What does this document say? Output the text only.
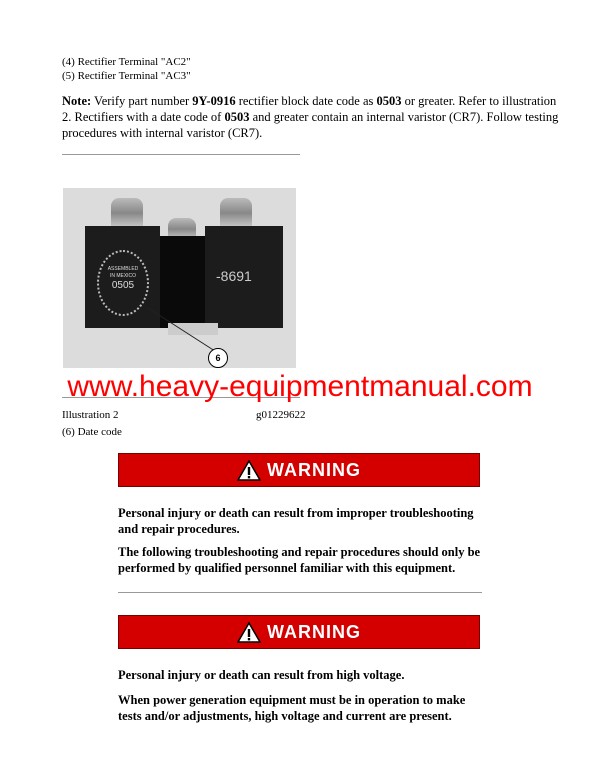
(4) Rectifier Terminal "AC2"
(5) Rectifier Terminal "AC3"
Note: Verify part number 9Y-0916 rectifier block date code as 0503 or greater. Refer to illustration 2. Rectifiers with a date code of 0503 and greater contain an internal varistor (CR7). Follow testing procedures with internal varistor (CR7).
ASSEMBLED
IN MEXICO
0505
-8691
6
www.heavy-equipmentmanual.com
Illustration 2	g01229622
(6) Date code
WARNING
Personal injury or death can result from improper troubleshooting and repair procedures.
The following troubleshooting and repair procedures should only be performed by qualified personnel familiar with this equipment.
WARNING
Personal injury or death can result from high voltage.
When power generation equipment must be in operation to make tests and/or adjustments, high voltage and current are present.
